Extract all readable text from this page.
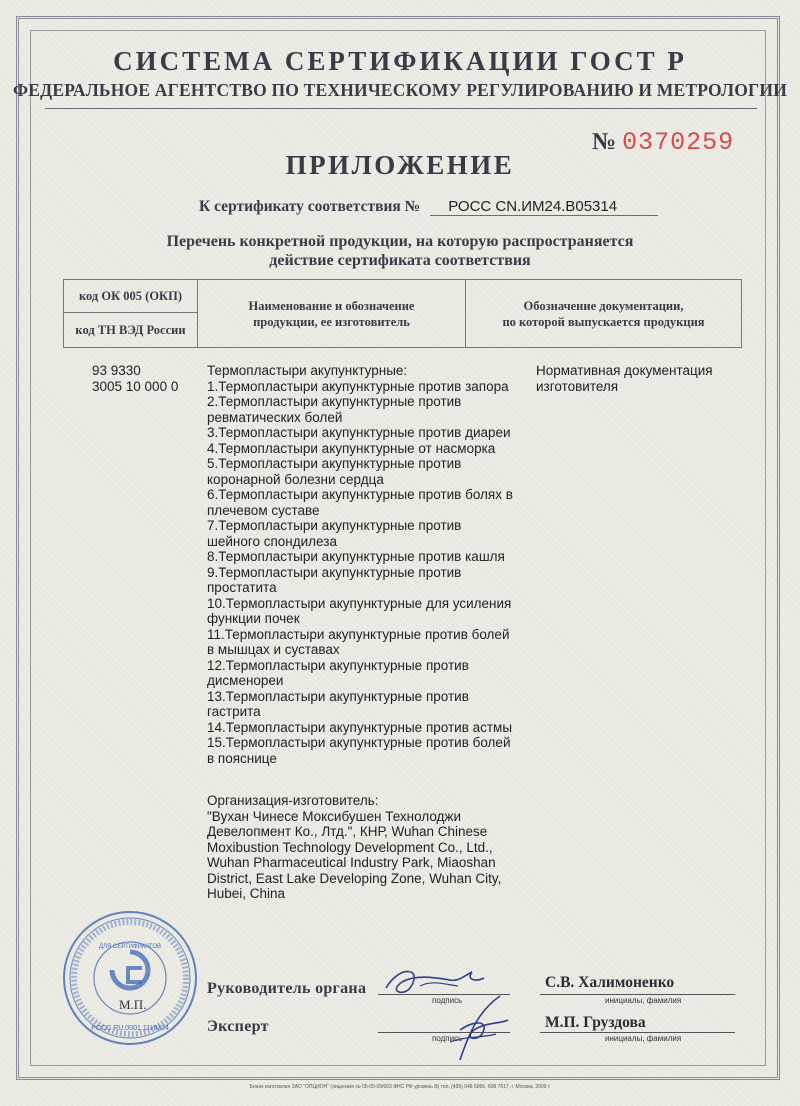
СИСТЕМА СЕРТИФИКАЦИИ ГОСТ Р
ФЕДЕРАЛЬНОЕ АГЕНТСТВО ПО ТЕХНИЧЕСКОМУ РЕГУЛИРОВАНИЮ И МЕТРОЛОГИИ
№ 0370259
ПРИЛОЖЕНИЕ
К сертификату соответствия № РОСС CN.ИМ24.В05314
Перечень конкретной продукции, на которую распространяется
действие сертификата соответствия
код ОК 005 (ОКП)
код ТН ВЭД России
Наименование и обозначение
продукции, ее изготовитель
Обозначение документации,
по которой выпускается продукция
93 9330
3005 10 000 0
Термопластыри акупунктурные:
1.Термопластыри акупунктурные против запора
2.Термопластыри акупунктурные против
ревматических болей
3.Термопластыри акупунктурные против диареи
4.Термопластыри акупунктурные от насморка
5.Термопластыри акупунктурные против
коронарной болезни сердца
6.Термопластыри акупунктурные против болях в
плечевом суставе
7.Термопластыри акупунктурные против
шейного спондилеза
8.Термопластыри акупунктурные против кашля
9.Термопластыри акупунктурные против
простатита
10.Термопластыри акупунктурные для усиления
функции почек
11.Термопластыри акупунктурные против болей
в мышцах и суставах
12.Термопластыри акупунктурные против
дисменореи
13.Термопластыри акупунктурные против
гастрита
14.Термопластыри акупунктурные против астмы
15.Термопластыри акупунктурные против болей
в пояснице
Нормативная документация
изготовителя
Организация-изготовитель:
"Вухан Чинесе Моксибушен Технолоджи
Девелопмент Ко., Лтд.", КНР, Wuhan Chinese
Moxibustion Technology Development Co., Ltd.,
Wuhan Pharmaceutical Industry Park, Miaoshan
District, East Lake Developing Zone, Wuhan City,
Hubei, China
ДЛЯ СЕРТИФИКАТОВ
РОСС RU.0001.11ИМ24
М.П.
Руководитель органа
подпись
С.В. Халимоненко
инициалы, фамилия
Эксперт
подпись
М.П. Груздова
инициалы, фамилия
Бланк изготовлен ЗАО "ОПЦИОН" (лицензия № 05-05-09/003 ФНС РФ уровень В) тел. (495) 648 6066, 608 7617, г. Москва, 2009 г.
